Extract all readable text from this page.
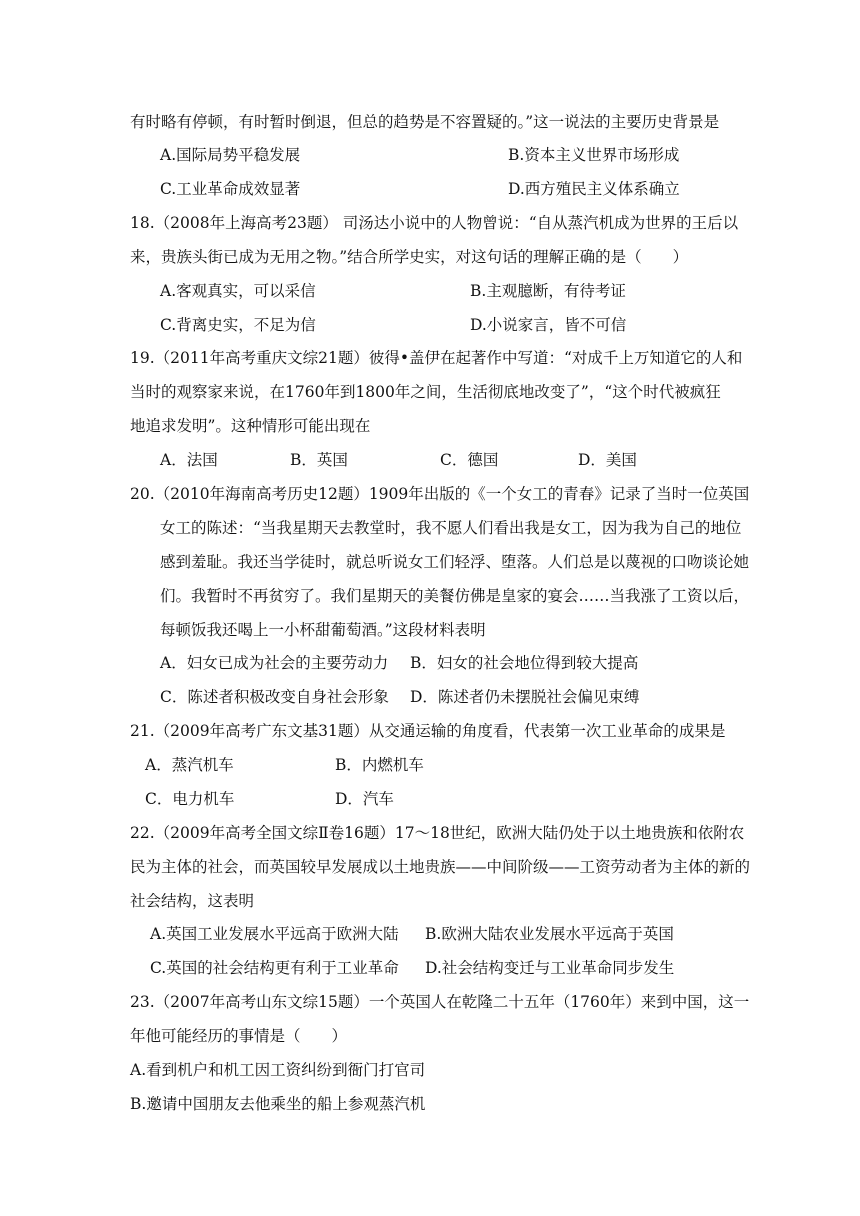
有时略有停顿，有时暂时倒退，但总的趋势是不容置疑的。”这一说法的主要历史背景是
A.国际局势平稳发展	B.资本主义世界市场形成
C.工业革命成效显著	D.西方殖民主义体系确立
18.（2008年上海高考23题） 司汤达小说中的人物曾说：“自从蒸汽机成为世界的王后以
来，贵族头街已成为无用之物。”结合所学史实，对这句话的理解正确的是（　　）
A.客观真实，可以采信	B.主观臆断，有待考证
C.背离史实，不足为信	D.小说家言，皆不可信
19.（2011年高考重庆文综21题）彼得•盖伊在起著作中写道：“对成千上万知道它的人和
当时的观察家来说，在1760年到1800年之间，生活彻底地改变了”，“这个时代被疯狂
地追求发明”。这种情形可能出现在
A．法国	B．英国	C．德国	D．美国
20.（2010年海南高考历史12题）1909年出版的《一个女工的青春》记录了当时一位英国
女工的陈述：“当我星期天去教堂时，我不愿人们看出我是女工，因为我为自己的地位
感到羞耻。我还当学徒时，就总听说女工们轻浮、堕落。人们总是以蔑视的口吻谈论她
们。我暂时不再贫穷了。我们星期天的美餐仿佛是皇家的宴会……当我涨了工资以后，
每顿饭我还喝上一小杯甜葡萄酒。”这段材料表明
A．妇女已成为社会的主要劳动力 B．妇女的社会地位得到较大提高
C．陈述者积极改变自身社会形象 D．陈述者仍未摆脱社会偏见束缚
21.（2009年高考广东文基31题）从交通运输的角度看，代表第一次工业革命的成果是
A．蒸汽机车	B．内燃机车
C．电力机车	D．汽车
22.（2009年高考全国文综Ⅱ卷16题）17～18世纪，欧洲大陆仍处于以土地贵族和依附农
民为主体的社会，而英国较早发展成以土地贵族——中间阶级——工资劳动者为主体的新的
社会结构，这表明
A.英国工业发展水平远高于欧洲大陆 B.欧洲大陆农业发展水平远高于英国
C.英国的社会结构更有利于工业革命 D.社会结构变迁与工业革命同步发生
23.（2007年高考山东文综15题）一个英国人在乾隆二十五年（1760年）来到中国，这一
年他可能经历的事情是（　　）
A.看到机户和机工因工资纠纷到衙门打官司
B.邀请中国朋友去他乘坐的船上参观蒸汽机
